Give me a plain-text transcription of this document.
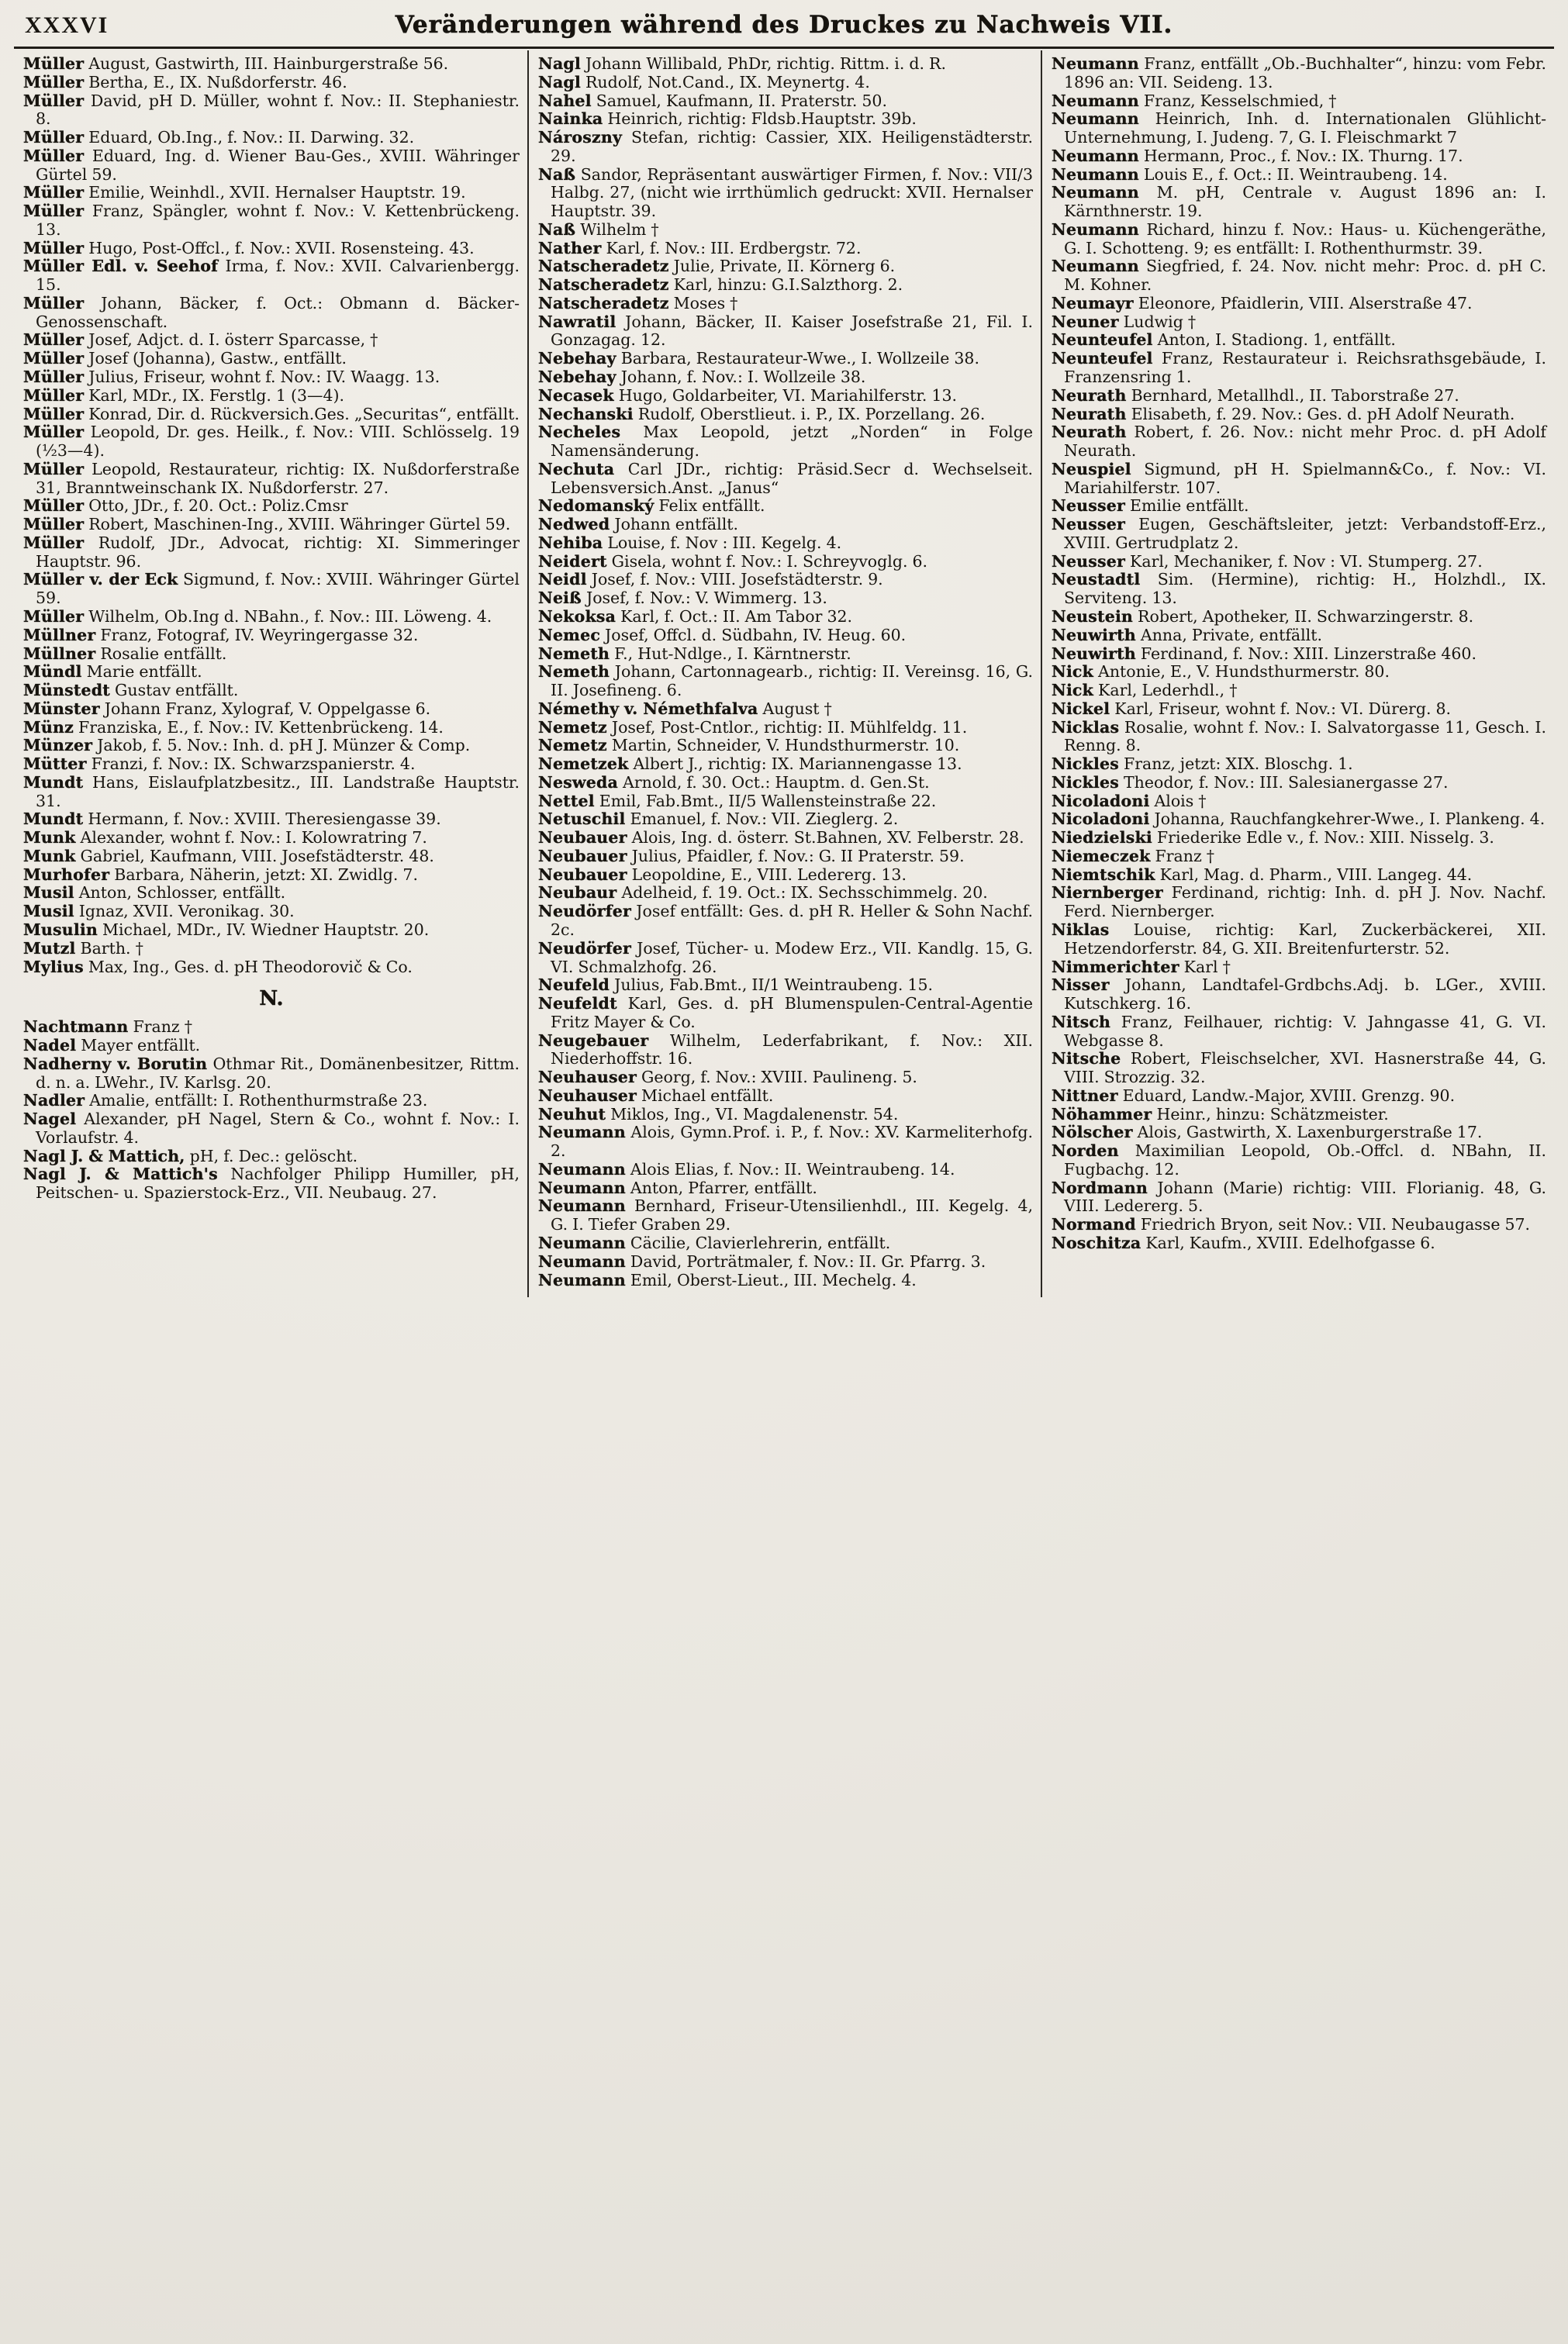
XXXVI	Veränderungen während des Druckes zu Nachweis VII.

Müller August, Gastwirth, III. Hainburgerstraße 56.

Müller Bertha, E., IX. Nußdorferstr. 46.

Müller David, pH D. Müller, wohnt f. Nov.: II. Stephaniestr. 8.

Müller Eduard, Ob.Ing., f. Nov.: II. Darwing. 32.

Müller Eduard, Ing. d. Wiener Bau-Ges., XVIII. Währinger Gürtel 59.

Müller Emilie, Weinhdl., XVII. Hernalser Hauptstr. 19.

Müller Franz, Spängler, wohnt f. Nov.: V. Kettenbrückeng. 13.

Müller Hugo, Post-Offcl., f. Nov.: XVII. Rosensteing. 43.

Müller Edl. v. Seehof Irma, f. Nov.: XVII. Calvarienbergg. 15.

Müller Johann, Bäcker, f. Oct.: Obmann d. Bäcker-Genossenschaft.

Müller Josef, Adjct. d. I. österr Sparcasse, †

Müller Josef (Johanna), Gastw., entfällt.

Müller Julius, Friseur, wohnt f. Nov.: IV. Waagg. 13.

Müller Karl, MDr., IX. Ferstlg. 1 (3—4).

Müller Konrad, Dir. d. Rückversich.Ges. „Securitas“, entfällt.

Müller Leopold, Dr. ges. Heilk., f. Nov.: VIII. Schlösselg. 19 (½3—4).

Müller Leopold, Restaurateur, richtig: IX. Nußdorferstraße 31, Branntweinschank IX. Nußdorferstr. 27.

Müller Otto, JDr., f. 20. Oct.: Poliz.Cmsr

Müller Robert, Maschinen-Ing., XVIII. Währinger Gürtel 59.

Müller Rudolf, JDr., Advocat, richtig: XI. Simmeringer Hauptstr. 96.

Müller v. der Eck Sigmund, f. Nov.: XVIII. Währinger Gürtel 59.

Müller Wilhelm, Ob.Ing d. NBahn., f. Nov.: III. Löweng. 4.

Müllner Franz, Fotograf, IV. Weyringergasse 32.

Müllner Rosalie entfällt.

Mündl Marie entfällt.

Münstedt Gustav entfällt.

Münster Johann Franz, Xylograf, V. Oppelgasse 6.

Münz Franziska, E., f. Nov.: IV. Kettenbrückeng. 14.

Münzer Jakob, f. 5. Nov.: Inh. d. pH J. Münzer & Comp.

Mütter Franzi, f. Nov.: IX. Schwarzspanierstr. 4.

Mundt Hans, Eislaufplatzbesitz., III. Landstraße Hauptstr. 31.

Mundt Hermann, f. Nov.: XVIII. Theresiengasse 39.

Munk Alexander, wohnt f. Nov.: I. Kolowratring 7.

Munk Gabriel, Kaufmann, VIII. Josefstädterstr. 48.

Murhofer Barbara, Näherin, jetzt: XI. Zwidlg. 7.

Musil Anton, Schlosser, entfällt.

Musil Ignaz, XVII. Veronikag. 30.

Musulin Michael, MDr., IV. Wiedner Hauptstr. 20.

Mutzl Barth. †

Mylius Max, Ing., Ges. d. pH Theodorovič & Co.

N.

Nachtmann Franz †

Nadel Mayer entfällt.

Nadherny v. Borutin Othmar Rit., Domänenbesitzer, Rittm. d. n. a. LWehr., IV. Karlsg. 20.

Nadler Amalie, entfällt: I. Rothenthurmstraße 23.

Nagel Alexander, pH Nagel, Stern & Co., wohnt f. Nov.: I. Vorlaufstr. 4.

Nagl J. & Mattich, pH, f. Dec.: gelöscht.

Nagl J. & Mattich's Nachfolger Philipp Humiller, pH, Peitschen- u. Spazierstock-Erz., VII. Neubaug. 27.

Nagl Johann Willibald, PhDr, richtig. Rittm. i. d. R.

Nagl Rudolf, Not.Cand., IX. Meynertg. 4.

Nahel Samuel, Kaufmann, II. Praterstr. 50.

Nainka Heinrich, richtig: Fldsb.Hauptstr. 39b.

Nároszny Stefan, richtig: Cassier, XIX. Heiligenstädterstr. 29.

Naß Sandor, Repräsentant auswärtiger Firmen, f. Nov.: VII/3 Halbg. 27, (nicht wie irrthümlich gedruckt: XVII. Hernalser Hauptstr. 39.

Naß Wilhelm †

Nather Karl, f. Nov.: III. Erdbergstr. 72.

Natscheradetz Julie, Private, II. Körnerg 6.

Natscheradetz Karl, hinzu: G.I.Salzthorg. 2.

Natscheradetz Moses †

Nawratil Johann, Bäcker, II. Kaiser Josefstraße 21, Fil. I. Gonzagag. 12.

Nebehay Barbara, Restaurateur-Wwe., I. Wollzeile 38.

Nebehay Johann, f. Nov.: I. Wollzeile 38.

Necasek Hugo, Goldarbeiter, VI. Mariahilferstr. 13.

Nechanski Rudolf, Oberstlieut. i. P., IX. Porzellang. 26.

Necheles Max Leopold, jetzt „Norden“ in Folge Namensänderung.

Nechuta Carl JDr., richtig: Präsid.Secr d. Wechselseit. Lebensversich.Anst. „Janus“

Nedomanský Felix entfällt.

Nedwed Johann entfällt.

Nehiba Louise, f. Nov : III. Kegelg. 4.

Neidert Gisela, wohnt f. Nov.: I. Schreyvoglg. 6.

Neidl Josef, f. Nov.: VIII. Josefstädterstr. 9.

Neiß Josef, f. Nov.: V. Wimmerg. 13.

Nekoksa Karl, f. Oct.: II. Am Tabor 32.

Nemec Josef, Offcl. d. Südbahn, IV. Heug. 60.

Nemeth F., Hut-Ndlge., I. Kärntnerstr.

Nemeth Johann, Cartonnagearb., richtig: II. Vereinsg. 16, G. II. Josefineng. 6.

Némethy v. Némethfalva August †

Nemetz Josef, Post-Cntlor., richtig: II. Mühlfeldg. 11.

Nemetz Martin, Schneider, V. Hundsthurmerstr. 10.

Nemetzek Albert J., richtig: IX. Mariannengasse 13.

Nesweda Arnold, f. 30. Oct.: Hauptm. d. Gen.St.

Nettel Emil, Fab.Bmt., II/5 Wallensteinstraße 22.

Netuschil Emanuel, f. Nov.: VII. Zieglerg. 2.

Neubauer Alois, Ing. d. österr. St.Bahnen, XV. Felberstr. 28.

Neubauer Julius, Pfaidler, f. Nov.: G. II Praterstr. 59.

Neubauer Leopoldine, E., VIII. Ledererg. 13.

Neubaur Adelheid, f. 19. Oct.: IX. Sechsschimmelg. 20.

Neudörfer Josef entfällt: Ges. d. pH R. Heller & Sohn Nachf. 2c.

Neudörfer Josef, Tücher- u. Modew Erz., VII. Kandlg. 15, G. VI. Schmalzhofg. 26.

Neufeld Julius, Fab.Bmt., II/1 Weintraubeng. 15.

Neufeldt Karl, Ges. d. pH Blumenspulen-Central-Agentie Fritz Mayer & Co.

Neugebauer Wilhelm, Lederfabrikant, f. Nov.: XII. Niederhoffstr. 16.

Neuhauser Georg, f. Nov.: XVIII. Paulineng. 5.

Neuhauser Michael entfällt.

Neuhut Miklos, Ing., VI. Magdalenenstr. 54.

Neumann Alois, Gymn.Prof. i. P., f. Nov.: XV. Karmeliterhofg. 2.

Neumann Alois Elias, f. Nov.: II. Weintraubeng. 14.

Neumann Anton, Pfarrer, entfällt.

Neumann Bernhard, Friseur-Utensilienhdl., III. Kegelg. 4, G. I. Tiefer Graben 29.

Neumann Cäcilie, Clavierlehrerin, entfällt.

Neumann David, Porträtmaler, f. Nov.: II. Gr. Pfarrg. 3.

Neumann Emil, Oberst-Lieut., III. Mechelg. 4.

Neumann Franz, entfällt „Ob.-Buchhalter“, hinzu: vom Febr. 1896 an: VII. Seideng. 13.

Neumann Franz, Kesselschmied, †

Neumann Heinrich, Inh. d. Internationalen Glühlicht-Unternehmung, I. Judeng. 7, G. I. Fleischmarkt 7

Neumann Hermann, Proc., f. Nov.: IX. Thurng. 17.

Neumann Louis E., f. Oct.: II. Weintraubeng. 14.

Neumann M. pH, Centrale v. August 1896 an: I. Kärnthnerstr. 19.

Neumann Richard, hinzu f. Nov.: Haus- u. Küchengeräthe, G. I. Schotteng. 9; es entfällt: I. Rothenthurmstr. 39.

Neumann Siegfried, f. 24. Nov. nicht mehr: Proc. d. pH C. M. Kohner.

Neumayr Eleonore, Pfaidlerin, VIII. Alserstraße 47.

Neuner Ludwig †

Neunteufel Anton, I. Stadiong. 1, entfällt.

Neunteufel Franz, Restaurateur i. Reichsrathsgebäude, I. Franzensring 1.

Neurath Bernhard, Metallhdl., II. Taborstraße 27.

Neurath Elisabeth, f. 29. Nov.: Ges. d. pH Adolf Neurath.

Neurath Robert, f. 26. Nov.: nicht mehr Proc. d. pH Adolf Neurath.

Neuspiel Sigmund, pH H. Spielmann&Co., f. Nov.: VI. Mariahilferstr. 107.

Neusser Emilie entfällt.

Neusser Eugen, Geschäftsleiter, jetzt: Verbandstoff-Erz., XVIII. Gertrudplatz 2.

Neusser Karl, Mechaniker, f. Nov : VI. Stumperg. 27.

Neustadtl Sim. (Hermine), richtig: H., Holzhdl., IX. Serviteng. 13.

Neustein Robert, Apotheker, II. Schwarzingerstr. 8.

Neuwirth Anna, Private, entfällt.

Neuwirth Ferdinand, f. Nov.: XIII. Linzerstraße 460.

Nick Antonie, E., V. Hundsthurmerstr. 80.

Nick Karl, Lederhdl., †

Nickel Karl, Friseur, wohnt f. Nov.: VI. Dürerg. 8.

Nicklas Rosalie, wohnt f. Nov.: I. Salvatorgasse 11, Gesch. I. Renng. 8.

Nickles Franz, jetzt: XIX. Bloschg. 1.

Nickles Theodor, f. Nov.: III. Salesianergasse 27.

Nicoladoni Alois †

Nicoladoni Johanna, Rauchfangkehrer-Wwe., I. Plankeng. 4.

Niedzielski Friederike Edle v., f. Nov.: XIII. Nisselg. 3.

Niemeczek Franz †

Niemtschik Karl, Mag. d. Pharm., VIII. Langeg. 44.

Niernberger Ferdinand, richtig: Inh. d. pH J. Nov. Nachf. Ferd. Niernberger.

Niklas Louise, richtig: Karl, Zuckerbäckerei, XII. Hetzendorferstr. 84, G. XII. Breitenfurterstr. 52.

Nimmerichter Karl †

Nisser Johann, Landtafel-Grdbchs.Adj. b. LGer., XVIII. Kutschkerg. 16.

Nitsch Franz, Feilhauer, richtig: V. Jahngasse 41, G. VI. Webgasse 8.

Nitsche Robert, Fleischselcher, XVI. Hasnerstraße 44, G. VIII. Strozzig. 32.

Nittner Eduard, Landw.-Major, XVIII. Grenzg. 90.

Nöhammer Heinr., hinzu: Schätzmeister.

Nölscher Alois, Gastwirth, X. Laxenburgerstraße 17.

Norden Maximilian Leopold, Ob.-Offcl. d. NBahn, II. Fugbachg. 12.

Nordmann Johann (Marie) richtig: VIII. Florianig. 48, G. VIII. Ledererg. 5.

Normand Friedrich Bryon, seit Nov.: VII. Neubaugasse 57.

Noschitza Karl, Kaufm., XVIII. Edelhofgasse 6.
